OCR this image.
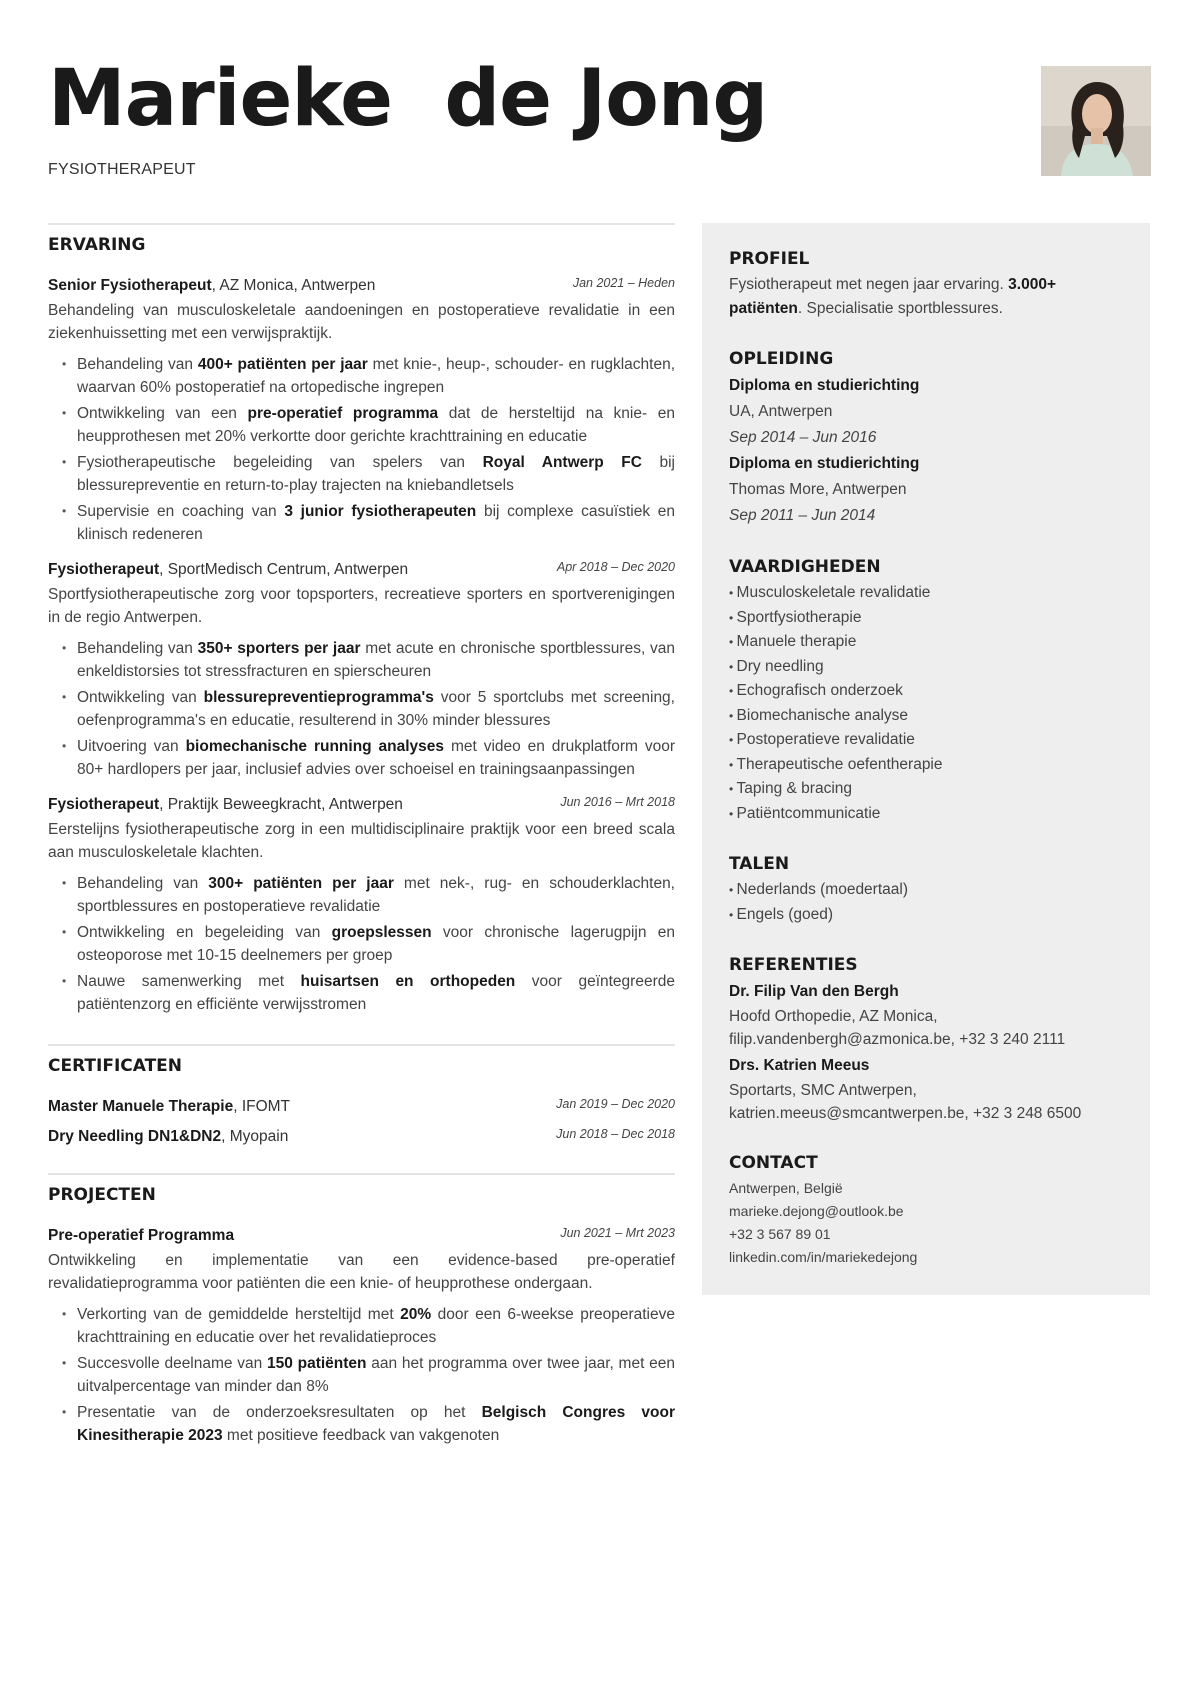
Marieke  de Jong
FYSIOTHERAPEUT
ERVARING
Senior Fysiotherapeut, AZ Monica, Antwerpen	Jan 2021 – Heden
Behandeling van musculoskeletale aandoeningen en postoperatieve revalidatie in een ziekenhuissetting met een verwijspraktijk.
• Behandeling van 400+ patiënten per jaar met knie-, heup-, schouder- en rugklachten, waarvan 60% postoperatief na ortopedische ingrepen
• Ontwikkeling van een pre-operatief programma dat de hersteltijd na knie- en heupprothesen met 20% verkortte door gerichte krachttraining en educatie
• Fysiotherapeutische begeleiding van spelers van Royal Antwerp FC bij blessurepreventie en return-to-play trajecten na kniebandletsels
• Supervisie en coaching van 3 junior fysiotherapeuten bij complexe casuïstiek en klinisch redeneren
Fysiotherapeut, SportMedisch Centrum, Antwerpen	Apr 2018 – Dec 2020
Sportfysiotherapeutische zorg voor topsporters, recreatieve sporters en sportverenigingen in de regio Antwerpen.
• Behandeling van 350+ sporters per jaar met acute en chronische sportblessures, van enkeldistorsies tot stressfracturen en spierscheuren
• Ontwikkeling van blessurepreventieprogramma's voor 5 sportclubs met screening, oefenprogramma's en educatie, resulterend in 30% minder blessures
• Uitvoering van biomechanische running analyses met video en drukplatform voor 80+ hardlopers per jaar, inclusief advies over schoeisel en trainingsaanpassingen
Fysiotherapeut, Praktijk Beweegkracht, Antwerpen	Jun 2016 – Mrt 2018
Eerstelijns fysiotherapeutische zorg in een multidisciplinaire praktijk voor een breed scala aan musculoskeletale klachten.
• Behandeling van 300+ patiënten per jaar met nek-, rug- en schouderklachten, sportblessures en postoperatieve revalidatie
• Ontwikkeling en begeleiding van groepslessen voor chronische lagerugpijn en osteoporose met 10-15 deelnemers per groep
• Nauwe samenwerking met huisartsen en orthopeden voor geïntegreerde patiëntenzorg en efficiënte verwijsstromen
CERTIFICATEN
Master Manuele Therapie, IFOMT	Jan 2019 – Dec 2020
Dry Needling DN1&DN2, Myopain	Jun 2018 – Dec 2018
PROJECTEN
Pre-operatief Programma	Jun 2021 – Mrt 2023
Ontwikkeling en implementatie van een evidence-based pre-operatief revalidatieprogramma voor patiënten die een knie- of heupprothese ondergaan.
• Verkorting van de gemiddelde hersteltijd met 20% door een 6-weekse preoperatieve krachttraining en educatie over het revalidatieproces
• Succesvolle deelname van 150 patiënten aan het programma over twee jaar, met een uitvalpercentage van minder dan 8%
• Presentatie van de onderzoeksresultaten op het Belgisch Congres voor Kinesitherapie 2023 met positieve feedback van vakgenoten
PROFIEL

Fysiotherapeut met negen jaar ervaring. 3.000+ patiënten. Specialisatie sportblessures.

OPLEIDING
Diploma en studierichting
UA, Antwerpen
Sep 2014 – Jun 2016
Diploma en studierichting
Thomas More, Antwerpen
Sep 2011 – Jun 2014
VAARDIGHEDEN
• Musculoskeletale revalidatie
• Sportfysiotherapie
• Manuele therapie
• Dry needling
• Echografisch onderzoek
• Biomechanische analyse
• Postoperatieve revalidatie
• Therapeutische oefentherapie
• Taping & bracing
• Patiëntcommunicatie
TALEN
• Nederlands (moedertaal)
• Engels (goed)
REFERENTIES
Dr. Filip Van den Bergh
Hoofd Orthopedie, AZ Monica, filip.vandenbergh@azmonica.be, +32 3 240 2111
Drs. Katrien Meeus
Sportarts, SMC Antwerpen, katrien.meeus@smcantwerpen.be, +32 3 248 6500
CONTACT
Antwerpen, België
marieke.dejong@outlook.be
+32 3 567 89 01
linkedin.com/in/mariekedejong
